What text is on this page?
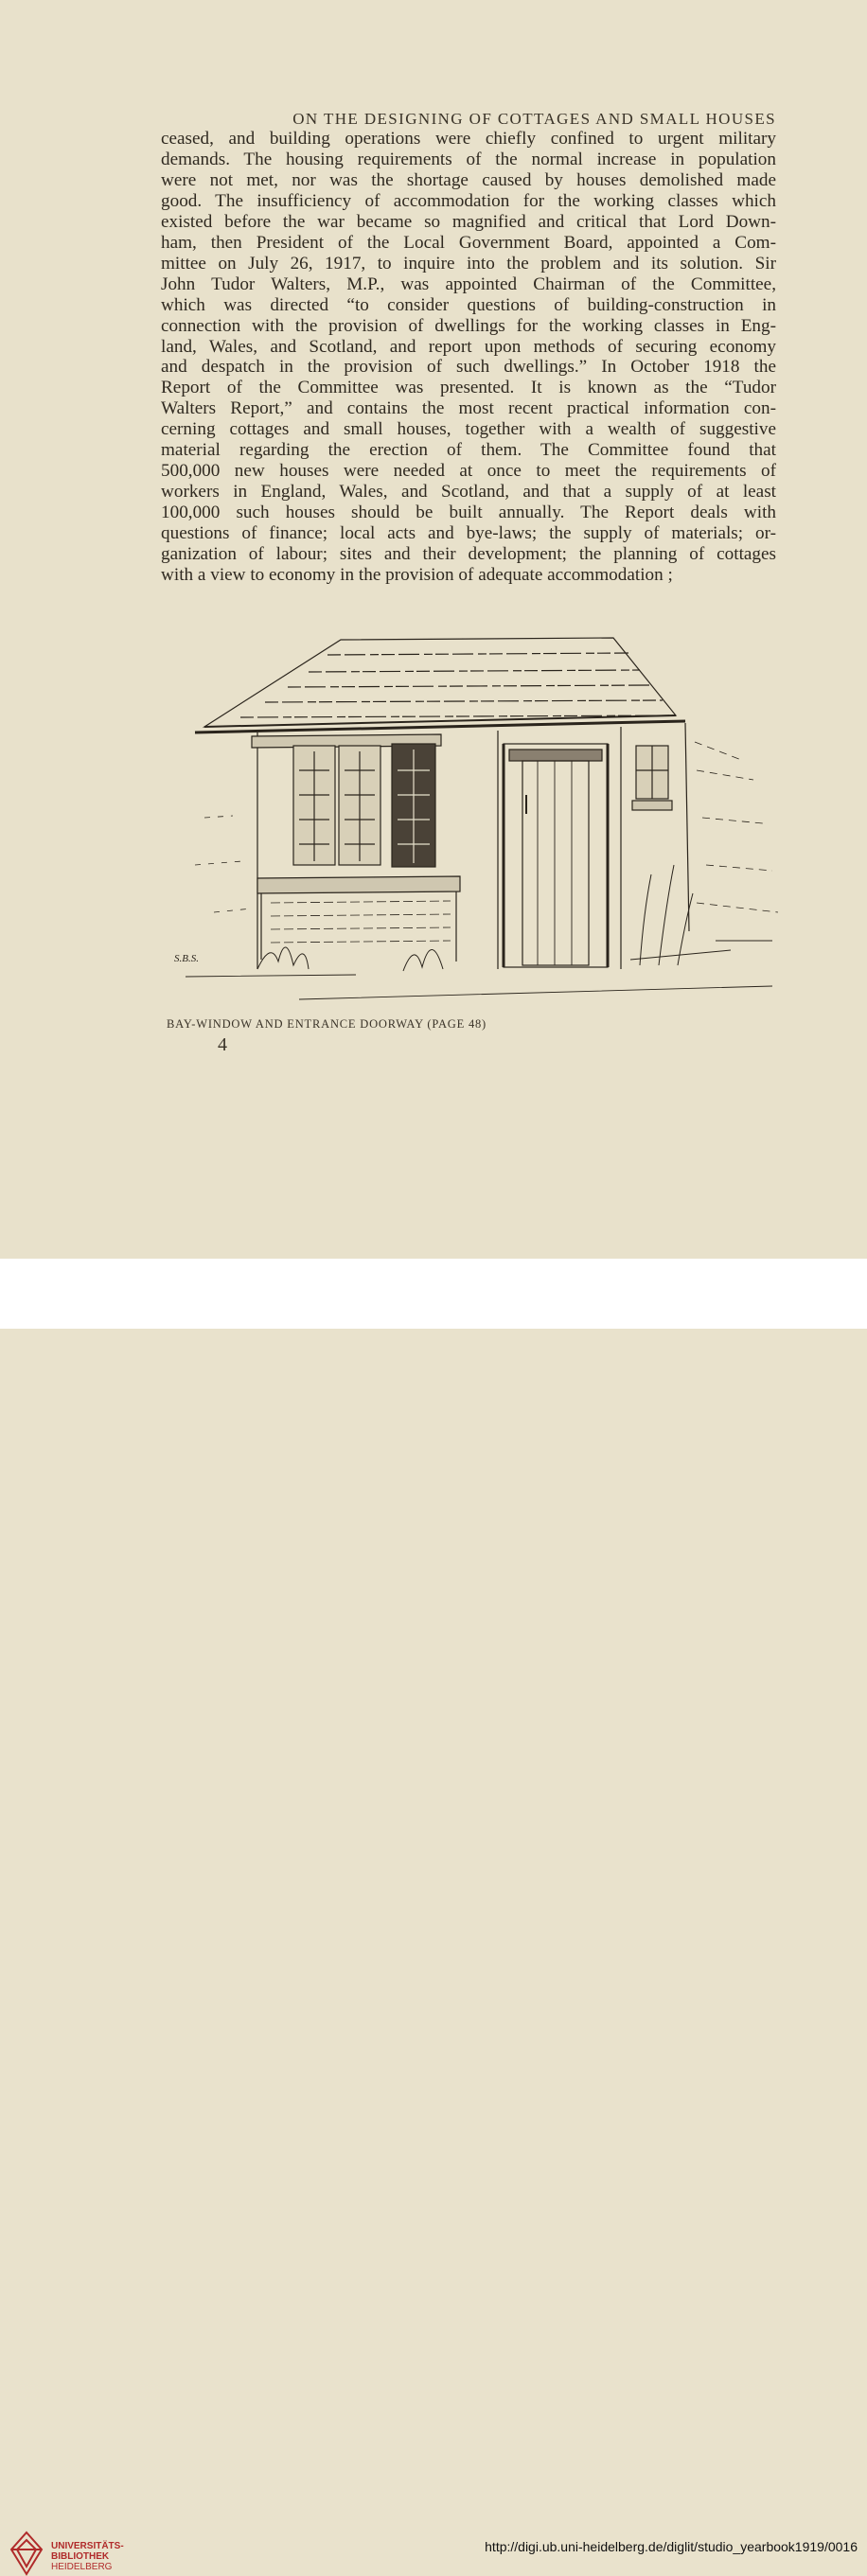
ON THE DESIGNING OF COTTAGES AND SMALL HOUSES
ceased, and building operations were chiefly confined to urgent military
demands. The housing requirements of the normal increase in population
were not met, nor was the shortage caused by houses demolished made
good. The insufficiency of accommodation for the working classes which
existed before the war became so magnified and critical that Lord Down-
ham, then President of the Local Government Board, appointed a Com-
mittee on July 26, 1917, to inquire into the problem and its solution. Sir
John Tudor Walters, M.P., was appointed Chairman of the Committee,
which was directed “to consider questions of building-construction in
connection with the provision of dwellings for the working classes in Eng-
land, Wales, and Scotland, and report upon methods of securing economy
and despatch in the provision of such dwellings.” In October 1918 the
Report of the Committee was presented. It is known as the “Tudor
Walters Report,” and contains the most recent practical information con-
cerning cottages and small houses, together with a wealth of suggestive
material regarding the erection of them. The Committee found that
500,000 new houses were needed at once to meet the requirements of
workers in England, Wales, and Scotland, and that a supply of at least
100,000 such houses should be built annually. The Report deals with
questions of finance; local acts and bye-laws; the supply of materials; or-
ganization of labour; sites and their development; the planning of cottages
with a view to economy in the provision of adequate accommodation ;
S.B.S.
BAY-WINDOW AND ENTRANCE DOORWAY (PAGE 48)
4
UNIVERSITÄTS-
BIBLIOTHEK
HEIDELBERG
http://digi.ub.uni-heidelberg.de/diglit/studio_yearbook1919/0016
